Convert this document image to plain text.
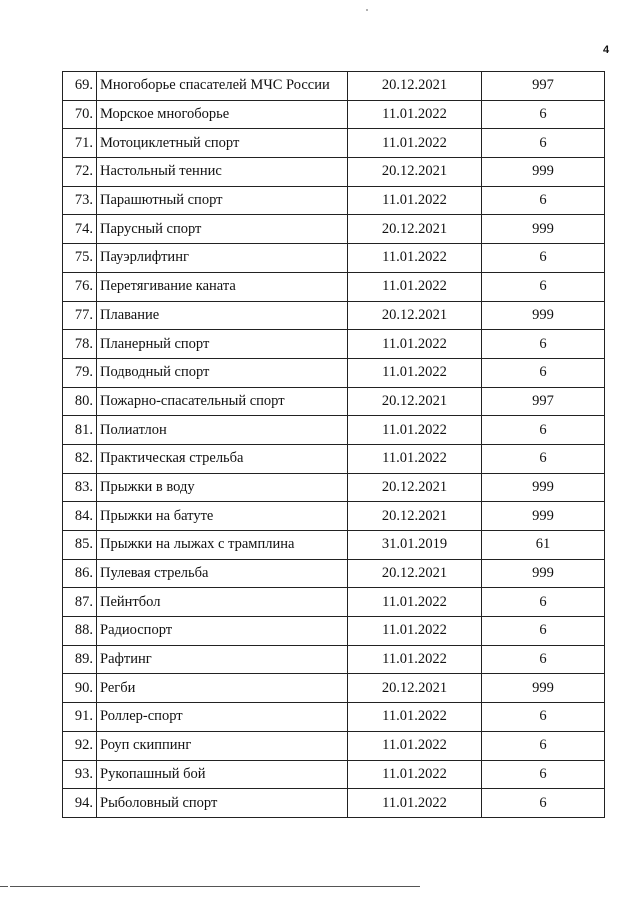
4
69.	Многоборье спасателей МЧС России	20.12.2021	997
70.	Морское многоборье	11.01.2022	6
71.	Мотоциклетный спорт	11.01.2022	6
72.	Настольный теннис	20.12.2021	999
73.	Парашютный спорт	11.01.2022	6
74.	Парусный спорт	20.12.2021	999
75.	Пауэрлифтинг	11.01.2022	6
76.	Перетягивание каната	11.01.2022	6
77.	Плавание	20.12.2021	999
78.	Планерный спорт	11.01.2022	6
79.	Подводный спорт	11.01.2022	6
80.	Пожарно-спасательный спорт	20.12.2021	997
81.	Полиатлон	11.01.2022	6
82.	Практическая стрельба	11.01.2022	6
83.	Прыжки в воду	20.12.2021	999
84.	Прыжки на батуте	20.12.2021	999
85.	Прыжки на лыжах с трамплина	31.01.2019	61
86.	Пулевая стрельба	20.12.2021	999
87.	Пейнтбол	11.01.2022	6
88.	Радиоспорт	11.01.2022	6
89.	Рафтинг	11.01.2022	6
90.	Регби	20.12.2021	999
91.	Роллер-спорт	11.01.2022	6
92.	Роуп скиппинг	11.01.2022	6
93.	Рукопашный бой	11.01.2022	6
94.	Рыболовный спорт	11.01.2022	6
